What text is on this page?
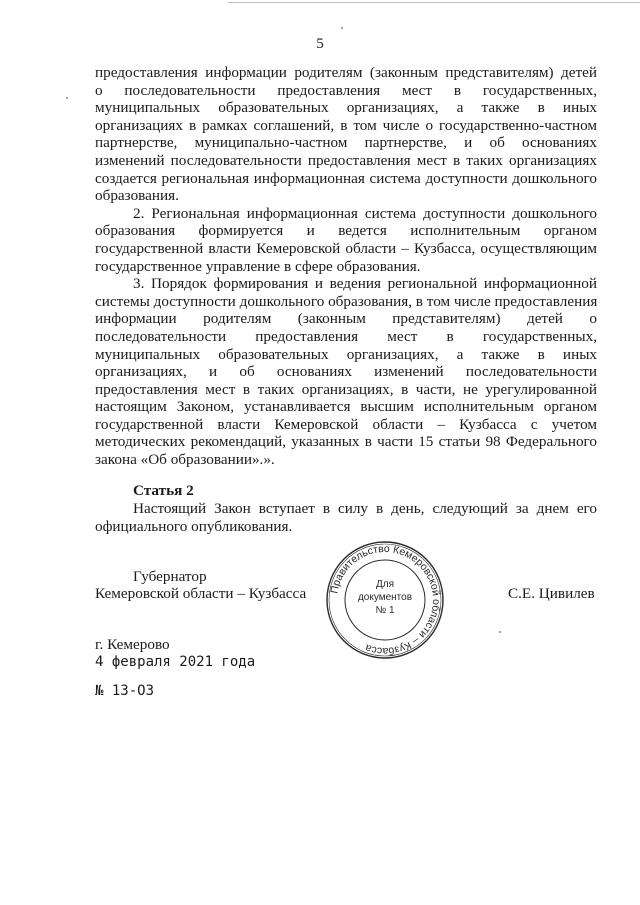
5
предоставления информации родителям (законным представителям) детей
о последовательности предоставления мест в государственных,
муниципальных образовательных организациях, а также в иных
организациях в рамках соглашений, в том числе о государственно-частном
партнерстве, муниципально-частном партнерстве, и об основаниях
изменений последовательности предоставления мест в таких организациях
создается региональная информационная система доступности дошкольного
образования.
2. Региональная информационная система доступности дошкольного
образования формируется и ведется исполнительным органом
государственной власти Кемеровской области – Кузбасса, осуществляющим
государственное управление в сфере образования.
3. Порядок формирования и ведения региональной информационной
системы доступности дошкольного образования, в том числе предоставления
информации родителям (законным представителям) детей о
последовательности предоставления мест в государственных,
муниципальных образовательных организациях, а также в иных
организациях, и об основаниях изменений последовательности
предоставления мест в таких организациях, в части, не урегулированной
настоящим Законом, устанавливается высшим исполнительным органом
государственной власти Кемеровской области – Кузбасса с учетом
методических рекомендаций, указанных в части 15 статьи 98 Федерального
закона «Об образовании».».
Статья 2
Настоящий Закон вступает в силу в день, следующий за днем его
официального опубликования.
Губернатор
Кемеровской области – Кузбасса	С.Е. Цивилев
Правительство Кемеровской области – Кузбасса
Для
документов
№ 1
г. Кемерово
4 февраля 2021 года
№ 13-ОЗ
